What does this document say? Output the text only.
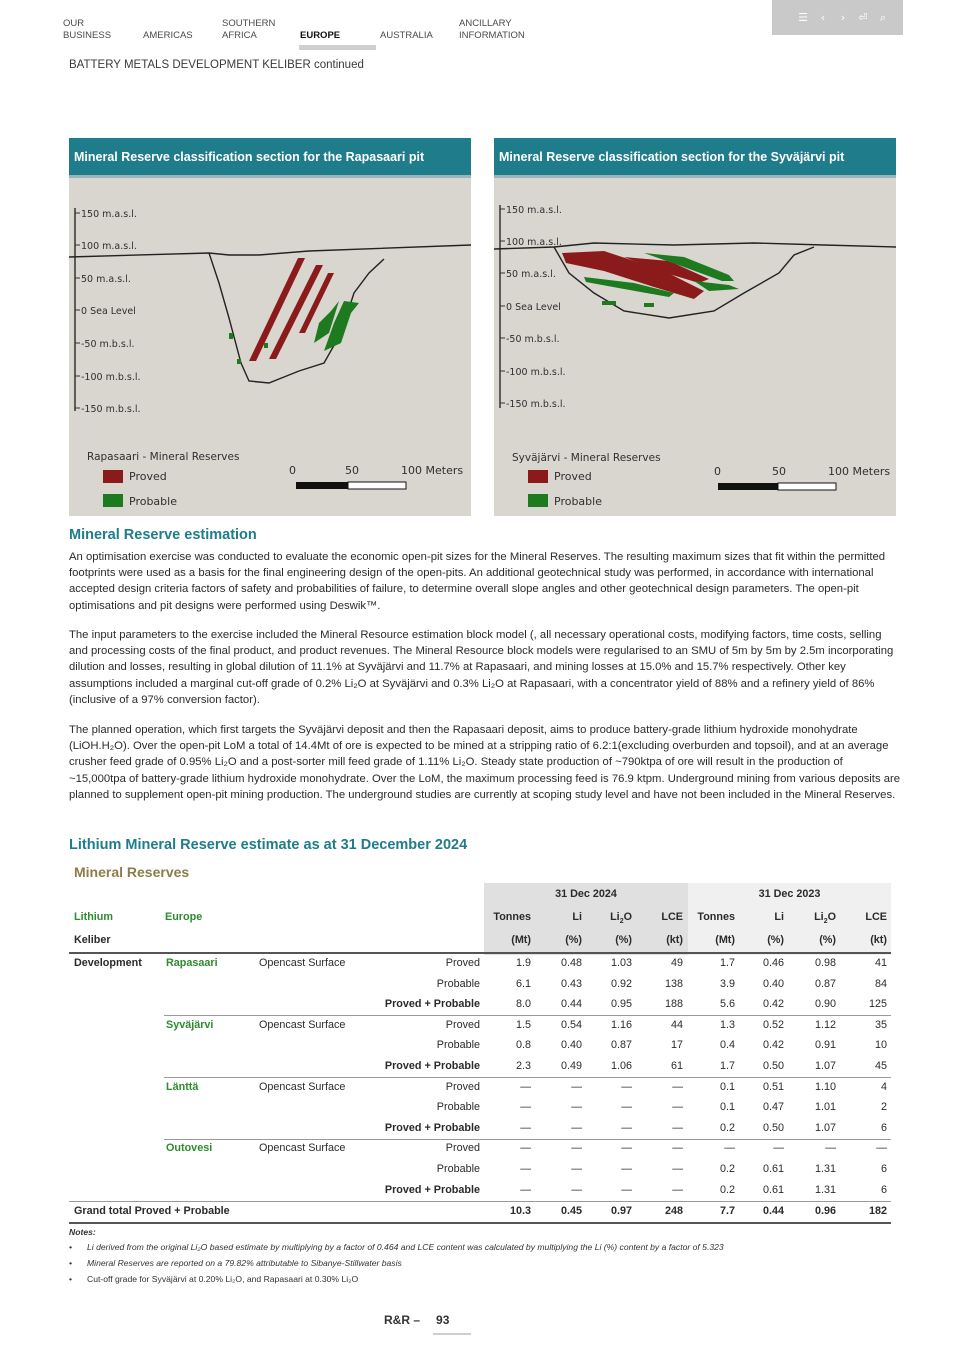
OUR
BUSINESS	AMERICAS
SOUTHERN
AFRICA	EUROPE	AUSTRALIA
ANCILLARY
INFORMATION
☰	‹	›	⏎ ⌕
BATTERY METALS DEVELOPMENT KELIBER continued
Mineral Reserve classification section for the Rapasaari pit
150 m.a.s.l.
100 m.a.s.l.
50 m.a.s.l.
0 Sea Level
-50 m.b.s.l.
-100 m.b.s.l.
-150 m.b.s.l.
Rapasaari - Mineral Reserves
Proved
Probable
0	50	100 Meters
Mineral Reserve classification section for the Syväjärvi pit
150 m.a.s.l.
100 m.a.s.l.
50 m.a.s.l.
0 Sea Level
-50 m.b.s.l.
-100 m.b.s.l.
-150 m.b.s.l.
Syväjärvi - Mineral Reserves
Proved
Probable
0	50	100 Meters
Mineral Reserve estimation

An optimisation exercise was conducted to evaluate the economic open-pit sizes for the Mineral Reserves. The resulting maximum sizes that fit within the permitted footprints were used as a basis for the final engineering design of the open-pits. An additional geotechnical study was performed, in accordance with international accepted design criteria factors of safety and probabilities of failure, to determine overall slope angles and other geotechnical design parameters. The open-pit optimisations and pit designs were performed using Deswik™.

The input parameters to the exercise included the Mineral Resource estimation block model (, all necessary operational costs, modifying factors, time costs, selling and processing costs of the final product, and product revenues. The Mineral Resource block models were regularised to an SMU of 5m by 5m by 2.5m incorporating dilution and losses, resulting in global dilution of 11.1% at Syväjärvi and 11.7% at Rapasaari, and mining losses at 15.0% and 15.7% respectively. Other key assumptions included a marginal cut-off grade of 0.2% Li₂O at Syväjärvi and 0.3% Li₂O at Rapasaari, with a concentrator yield of 88% and a refinery yield of 86% (inclusive of a 97% conversion factor).

The planned operation, which first targets the Syväjärvi deposit and then the Rapasaari deposit, aims to produce battery-grade lithium hydroxide monohydrate (LiOH.H₂O). Over the open-pit LoM a total of 14.4Mt of ore is expected to be mined at a stripping ratio of 6.2:1(excluding overburden and topsoil), and at an average crusher feed grade of 0.95% Li₂O and a post-sorter mill feed grade of 1.11% Li₂O. Steady state production of ~790ktpa of ore will result in the production of ~15,000tpa of battery-grade lithium hydroxide monohydrate. Over the LoM, the maximum processing feed is 76.9 ktpm. Underground mining from various deposits are planned to supplement open-pit mining production. The underground studies are currently at scoping study level and have not been included in the Mineral Reserves.

Lithium Mineral Reserve estimate as at 31 December 2024
Mineral Reserves
31 Dec 2024	31 Dec 2023
Lithium	Europe	Tonnes	Li	$Li_2O$	LCE	Tonnes	Li	$Li_2O$	LCE
Keliber	(Mt)	(%)	(%)	(kt)	(Mt)	(%)	(%)	(kt)
Development Rapasaari	Opencast Surface	Proved	1.9	0.48	1.03	49	1.7	0.46	0.98	41
Probable	6.1	0.43	0.92	138	3.9	0.40	0.87	84
Proved + Probable	8.0	0.44	0.95	188	5.6	0.42	0.90	125
Syväjärvi	Opencast Surface	Proved	1.5	0.54	1.16	44	1.3	0.52	1.12	35
Probable	0.8	0.40	0.87	17	0.4	0.42	0.91	10
Proved + Probable	2.3	0.49	1.06	61	1.7	0.50	1.07	45
Länttä	Opencast Surface	Proved	—	—	—	—	0.1	0.51	1.10	4
Probable	—	—	—	—	0.1	0.47	1.01	2
Proved + Probable	—	—	—	—	0.2	0.50	1.07	6
Outovesi	Opencast Surface	Proved	—	—	—	—	—	—	—	—
Probable	—	—	—	—	0.2	0.61	1.31	6
Proved + Probable	—	—	—	—	0.2	0.61	1.31	6
Grand total Proved + Probable	10.3	0.45	0.97	248	7.7	0.44	0.96	182
Notes:
• Li derived from the original Li₂O based estimate by multiplying by a factor of 0.464 and LCE content was calculated by multiplying the Li (%) content by a factor of 5.323
• Mineral Reserves are reported on a 79.82% attributable to Sibanye-Stillwater basis
• Cut-off grade for Syväjärvi at 0.20% Li₂O, and Rapasaari at 0.30% Li₂O
R&R – 93
